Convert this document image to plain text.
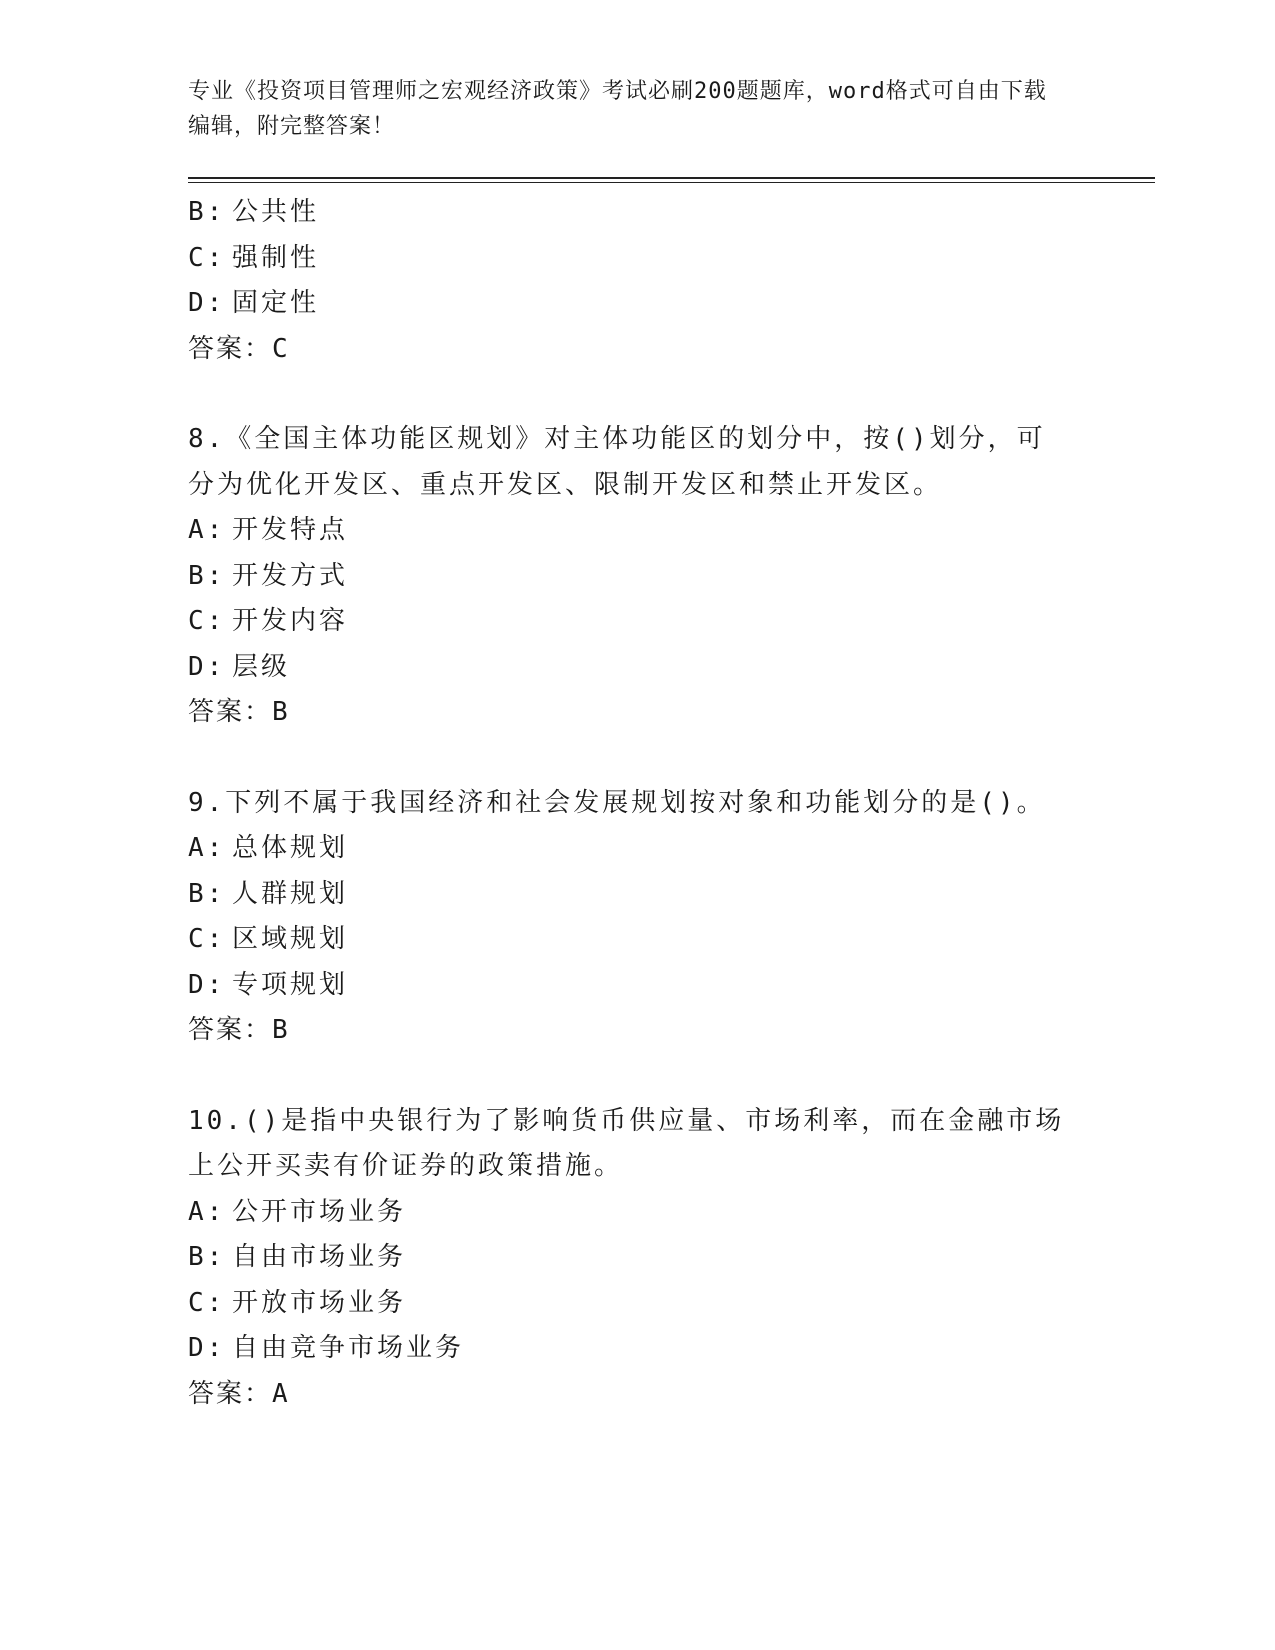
专业《投资项目管理师之宏观经济政策》考试必刷200题题库，word格式可自由下载编辑，附完整答案！
B: 公共性
C: 强制性
D: 固定性
答案：C
8.《全国主体功能区规划》对主体功能区的划分中，按()划分，可分为优化开发区、重点开发区、限制开发区和禁止开发区。
A: 开发特点
B: 开发方式
C: 开发内容
D: 层级
答案：B
9.下列不属于我国经济和社会发展规划按对象和功能划分的是()。
A: 总体规划
B: 人群规划
C: 区域规划
D: 专项规划
答案：B
10.()是指中央银行为了影响货币供应量、市场利率，而在金融市场上公开买卖有价证券的政策措施。
A: 公开市场业务
B: 自由市场业务
C: 开放市场业务
D: 自由竞争市场业务
答案：A
